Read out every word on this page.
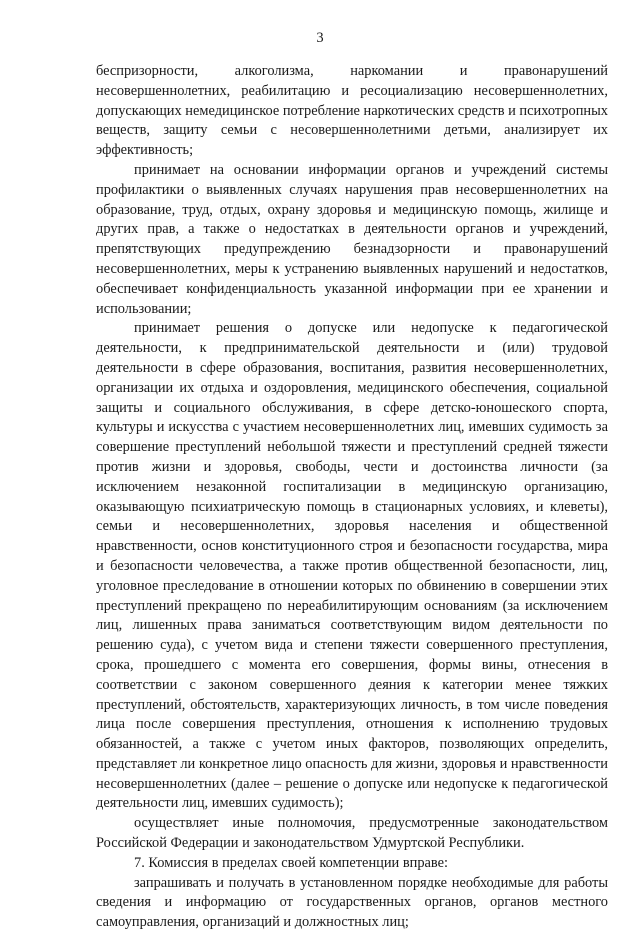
3

беспризорности, алкоголизма, наркомании и правонарушений несовершеннолетних, реабилитацию и ресоциализацию несовершеннолетних, допускающих немедицинское потребление наркотических средств и психотропных веществ, защиту семьи с несовершеннолетними детьми, анализирует их эффективность;

принимает на основании информации органов и учреждений системы профилактики о выявленных случаях нарушения прав несовершеннолетних на образование, труд, отдых, охрану здоровья и медицинскую помощь, жилище и других прав, а также о недостатках в деятельности органов и учреждений, препятствующих предупреждению безнадзорности и правонарушений несовершеннолетних, меры к устранению выявленных нарушений и недостатков, обеспечивает конфиденциальность указанной информации при ее хранении и использовании;

принимает решения о допуске или недопуске к педагогической деятельности, к предпринимательской деятельности и (или) трудовой деятельности в сфере образования, воспитания, развития несовершеннолетних, организации их отдыха и оздоровления, медицинского обеспечения, социальной защиты и социального обслуживания, в сфере детско-юношеского спорта, культуры и искусства с участием несовершеннолетних лиц, имевших судимость за совершение преступлений небольшой тяжести и преступлений средней тяжести против жизни и здоровья, свободы, чести и достоинства личности (за исключением незаконной госпитализации в медицинскую организацию, оказывающую психиатрическую помощь в стационарных условиях, и клеветы), семьи и несовершеннолетних, здоровья населения и общественной нравственности, основ конституционного строя и безопасности государства, мира и безопасности человечества, а также против общественной безопасности, лиц, уголовное преследование в отношении которых по обвинению в совершении этих преступлений прекращено по нереабилитирующим основаниям (за исключением лиц, лишенных права заниматься соответствующим видом деятельности по решению суда), с учетом вида и степени тяжести совершенного преступления, срока, прошедшего с момента его совершения, формы вины, отнесения в соответствии с законом совершенного деяния к категории менее тяжких преступлений, обстоятельств, характеризующих личность, в том числе поведения лица после совершения преступления, отношения к исполнению трудовых обязанностей, а также с учетом иных факторов, позволяющих определить, представляет ли конкретное лицо опасность для жизни, здоровья и нравственности несовершеннолетних (далее – решение о допуске или недопуске к педагогической деятельности лиц, имевших судимость);

осуществляет иные полномочия, предусмотренные законодательством Российской Федерации и законодательством Удмуртской Республики.

7. Комиссия в пределах своей компетенции вправе:

запрашивать и получать в установленном порядке необходимые для работы сведения и информацию от государственных органов, органов местного самоуправления, организаций и должностных лиц;
